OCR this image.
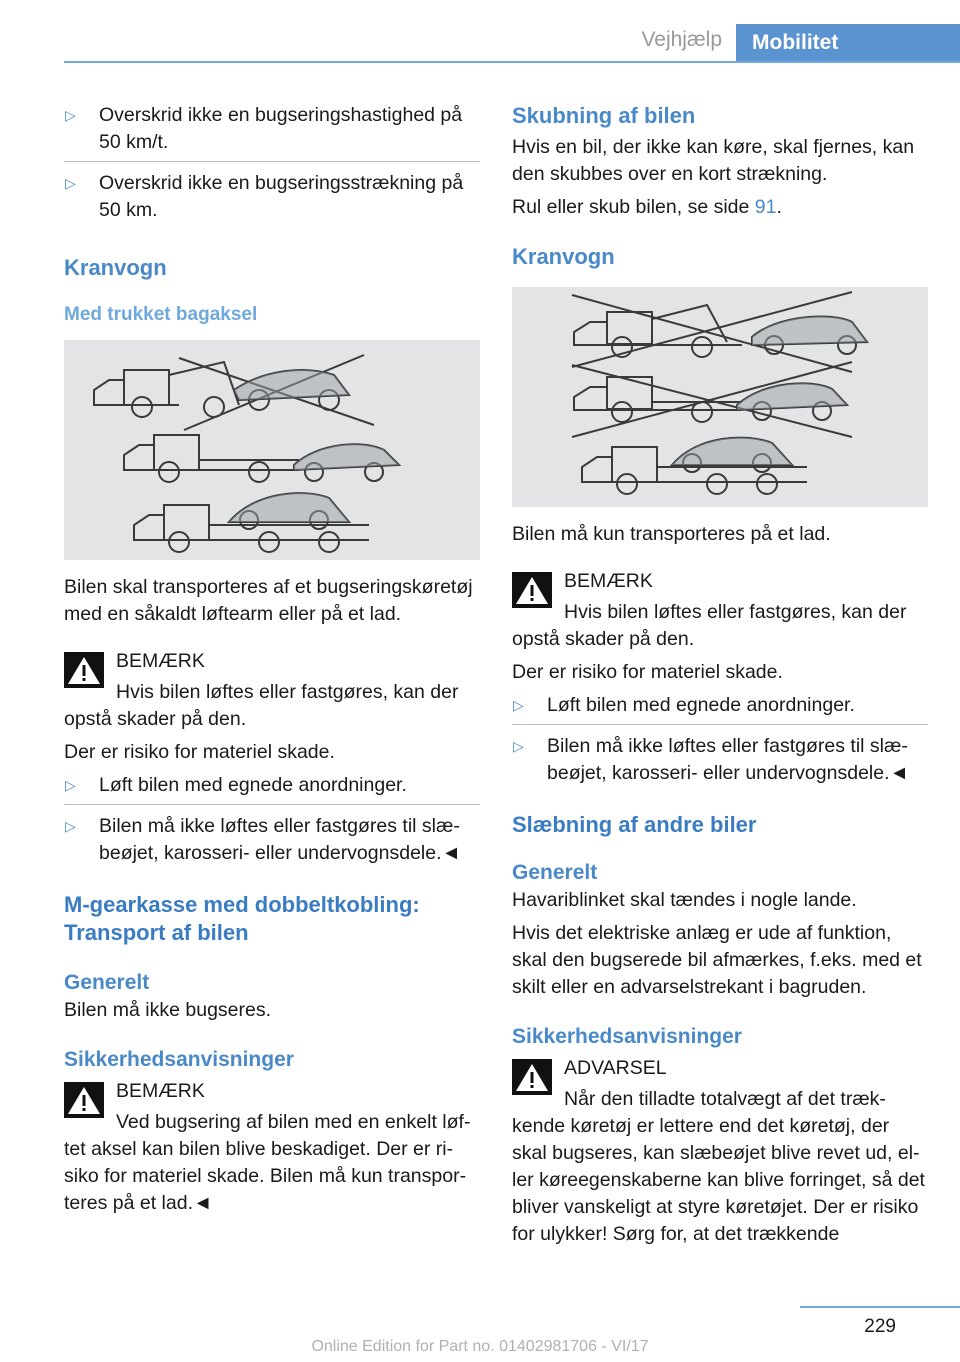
Vejhjælp	Mobilitet
▷ Overskrid ikke en bugseringshastighed på 50 km/t.
▷ Overskrid ikke en bugseringsstrækning på 50 km.
Kranvogn
Med trukket bagaksel

Bilen skal transporteres af et bugseringskøretøj med en såkaldt løftearm eller på et lad.

BEMÆRK

Hvis bilen løftes eller fastgøres, kan der opstå skader på den.

Der er risiko for materiel skade.

▷ Løft bilen med egnede anordninger.
▷ Bilen må ikke løftes eller fastgøres til slæbeøjet, karosseri- eller undervognsdele.◄
M-gearkasse med dobbeltkobling: Transport af bilen
Generelt

Bilen må ikke bugseres.

Sikkerhedsanvisninger
BEMÆRK

Ved bugsering af bilen med en enkelt løftet aksel kan bilen blive beskadiget. Der er risiko for materiel skade. Bilen må kun transporteres på et lad.◄

Skubning af bilen

Hvis en bil, der ikke kan køre, skal fjernes, kan den skubbes over en kort strækning.

Rul eller skub bilen, se side 91.

Kranvogn

Bilen må kun transporteres på et lad.

BEMÆRK

Hvis bilen løftes eller fastgøres, kan der opstå skader på den.

Der er risiko for materiel skade.

▷ Løft bilen med egnede anordninger.
▷ Bilen må ikke løftes eller fastgøres til slæbeøjet, karosseri- eller undervognsdele.◄
Slæbning af andre biler
Generelt

Havariblinket skal tændes i nogle lande.

Hvis det elektriske anlæg er ude af funktion, skal den bugserede bil afmærkes, f.eks. med et skilt eller en advarselstrekant i bagruden.

Sikkerhedsanvisninger
ADVARSEL

Når den tilladte totalvægt af det trækkende køretøj er lettere end det køretøj, der skal bugseres, kan slæbeøjet blive revet ud, eller køreegenskaberne kan blive forringet, så det bliver vanskeligt at styre køretøjet. Der er risiko for ulykker! Sørg for, at det trækkende

229
Online Edition for Part no. 01402981706 - VI/17
